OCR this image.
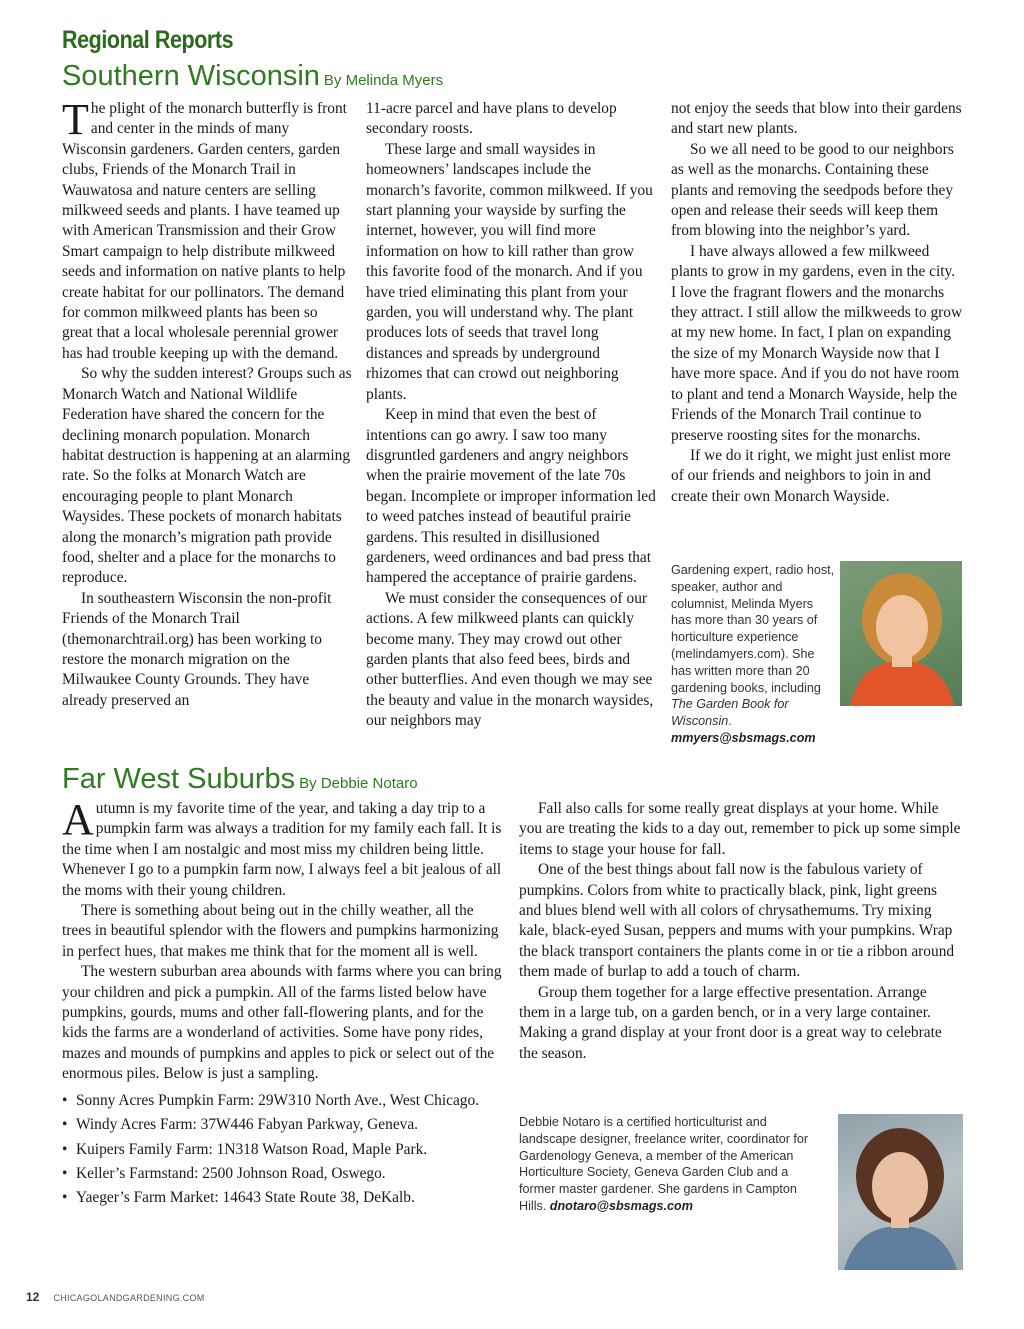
Regional Reports
Southern Wisconsin By Melinda Myers

The plight of the monarch butterfly is front and center in the minds of many Wisconsin gardeners. Garden centers, garden clubs, Friends of the Monarch Trail in Wauwatosa and nature centers are selling milkweed seeds and plants. I have teamed up with American Transmission and their Grow Smart campaign to help distribute milkweed seeds and information on native plants to help create habitat for our pollinators. The demand for common milkweed plants has been so great that a local wholesale perennial grower has had trouble keeping up with the demand.

So why the sudden interest? Groups such as Monarch Watch and National Wildlife Federation have shared the concern for the declining monarch population. Monarch habitat destruction is happening at an alarming rate. So the folks at Monarch Watch are encouraging people to plant Monarch Waysides. These pockets of monarch habitats along the monarch’s migration path provide food, shelter and a place for the monarchs to reproduce.

In southeastern Wisconsin the non-profit Friends of the Monarch Trail (themonarchtrail.org) has been working to restore the monarch migration on the Milwaukee County Grounds. They have already preserved an

11-acre parcel and have plans to develop secondary roosts.

These large and small waysides in homeowners’ landscapes include the monarch’s favorite, common milkweed. If you start planning your wayside by surfing the internet, however, you will find more information on how to kill rather than grow this favorite food of the monarch. And if you have tried eliminating this plant from your garden, you will understand why. The plant produces lots of seeds that travel long distances and spreads by underground rhizomes that can crowd out neighboring plants.

Keep in mind that even the best of intentions can go awry. I saw too many disgruntled gardeners and angry neighbors when the prairie movement of the late 70s began. Incomplete or improper information led to weed patches instead of beautiful prairie gardens. This resulted in disillusioned gardeners, weed ordinances and bad press that hampered the acceptance of prairie gardens.

We must consider the consequences of our actions. A few milkweed plants can quickly become many. They may crowd out other garden plants that also feed bees, birds and other butterflies. And even though we may see the beauty and value in the monarch waysides, our neighbors may

not enjoy the seeds that blow into their gardens and start new plants.

So we all need to be good to our neighbors as well as the monarchs. Containing these plants and removing the seedpods before they open and release their seeds will keep them from blowing into the neighbor’s yard.

I have always allowed a few milkweed plants to grow in my gardens, even in the city. I love the fragrant flowers and the monarchs they attract. I still allow the milkweeds to grow at my new home. In fact, I plan on expanding the size of my Monarch Wayside now that I have more space. And if you do not have room to plant and tend a Monarch Wayside, help the Friends of the Monarch Trail continue to preserve roosting sites for the monarchs.

If we do it right, we might just enlist more of our friends and neighbors to join in and create their own Monarch Wayside.

Gardening expert, radio host, speaker, author and columnist, Melinda Myers has more than 30 years of horticulture experience (melindamyers.com). She has written more than 20 gardening books, including The Garden Book for Wisconsin.
mmyers@sbsmags.com
Far West Suburbs By Debbie Notaro

Autumn is my favorite time of the year, and taking a day trip to a pumpkin farm was always a tradition for my family each fall. It is the time when I am nostalgic and most miss my children being little. Whenever I go to a pumpkin farm now, I always feel a bit jealous of all the moms with their young children.

There is something about being out in the chilly weather, all the trees in beautiful splendor with the flowers and pumpkins harmonizing in perfect hues, that makes me think that for the moment all is well.

The western suburban area abounds with farms where you can bring your children and pick a pumpkin. All of the farms listed below have pumpkins, gourds, mums and other fall-flowering plants, and for the kids the farms are a wonderland of activities. Some have pony rides, mazes and mounds of pumpkins and apples to pick or select out of the enormous piles. Below is just a sampling.

• Sonny Acres Pumpkin Farm: 29W310 North Ave., West Chicago.
• Windy Acres Farm: 37W446 Fabyan Parkway, Geneva.
• Kuipers Family Farm: 1N318 Watson Road, Maple Park.
• Keller’s Farmstand: 2500 Johnson Road, Oswego.
• Yaeger’s Farm Market: 14643 State Route 38, DeKalb.

Fall also calls for some really great displays at your home. While you are treating the kids to a day out, remember to pick up some simple items to stage your house for fall.

One of the best things about fall now is the fabulous variety of pumpkins. Colors from white to practically black, pink, light greens and blues blend well with all colors of chrysathemums. Try mixing kale, black-eyed Susan, peppers and mums with your pumpkins. Wrap the black transport containers the plants come in or tie a ribbon around them made of burlap to add a touch of charm.

Group them together for a large effective presentation. Arrange them in a large tub, on a garden bench, or in a very large container. Making a grand display at your front door is a great way to celebrate the season.

Debbie Notaro is a certified horticulturist and landscape designer, freelance writer, coordinator for Gardenology Geneva, a member of the American Horticulture Society, Geneva Garden Club and a former master gardener. She gardens in Campton Hills. dnotaro@sbsmags.com
12 CHICAGOLANDGARDENING.COM
